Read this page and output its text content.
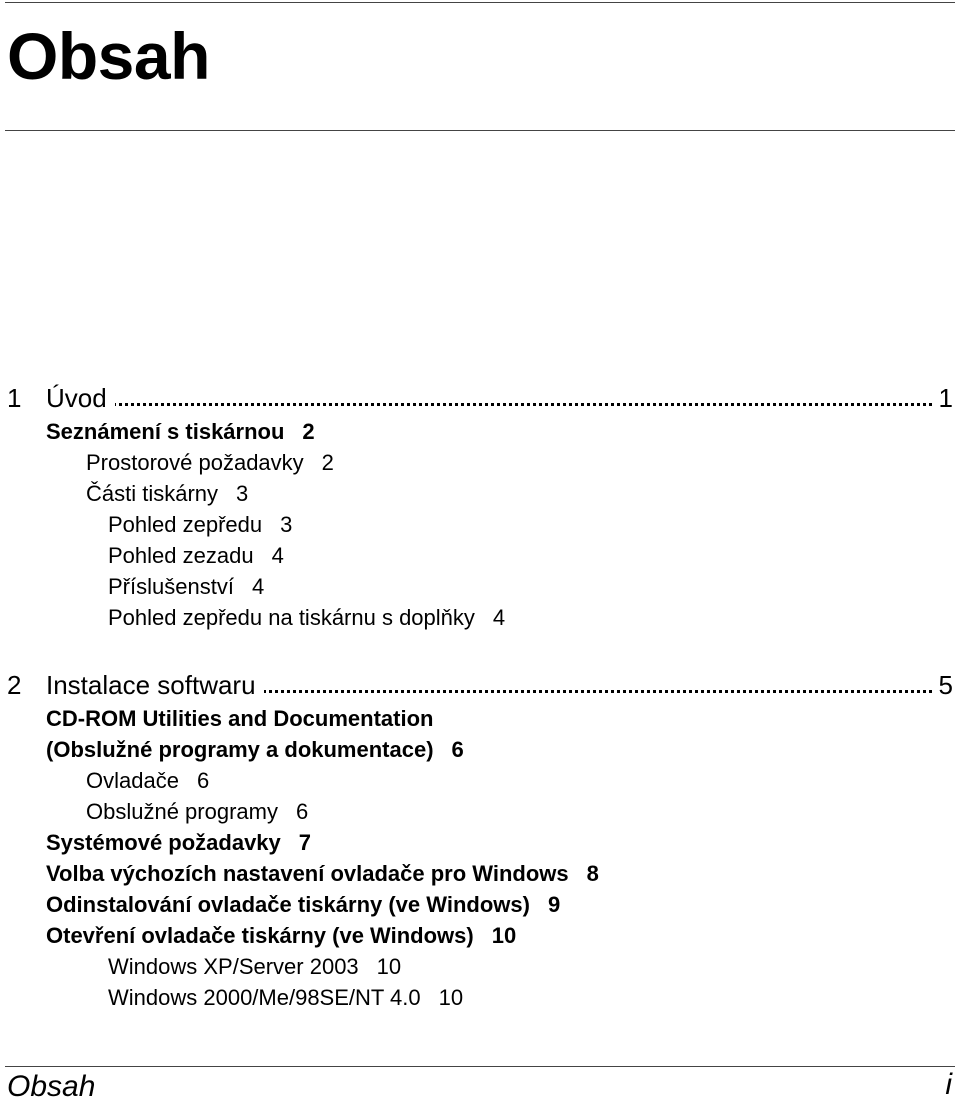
Obsah
1 Úvod	1
Seznámení s tiskárnou 2
Prostorové požadavky 2
Části tiskárny 3
Pohled zepředu 3
Pohled zezadu 4
Příslušenství 4
Pohled zepředu na tiskárnu s doplňky 4
2 Instalace softwaru	5
CD-ROM Utilities and Documentation
(Obslužné programy a dokumentace) 6
Ovladače 6
Obslužné programy 6
Systémové požadavky 7
Volba výchozích nastavení ovladače pro Windows 8
Odinstalování ovladače tiskárny (ve Windows) 9
Otevření ovladače tiskárny (ve Windows) 10
Windows XP/Server 2003 10
Windows 2000/Me/98SE/NT 4.0 10
Obsah	i
